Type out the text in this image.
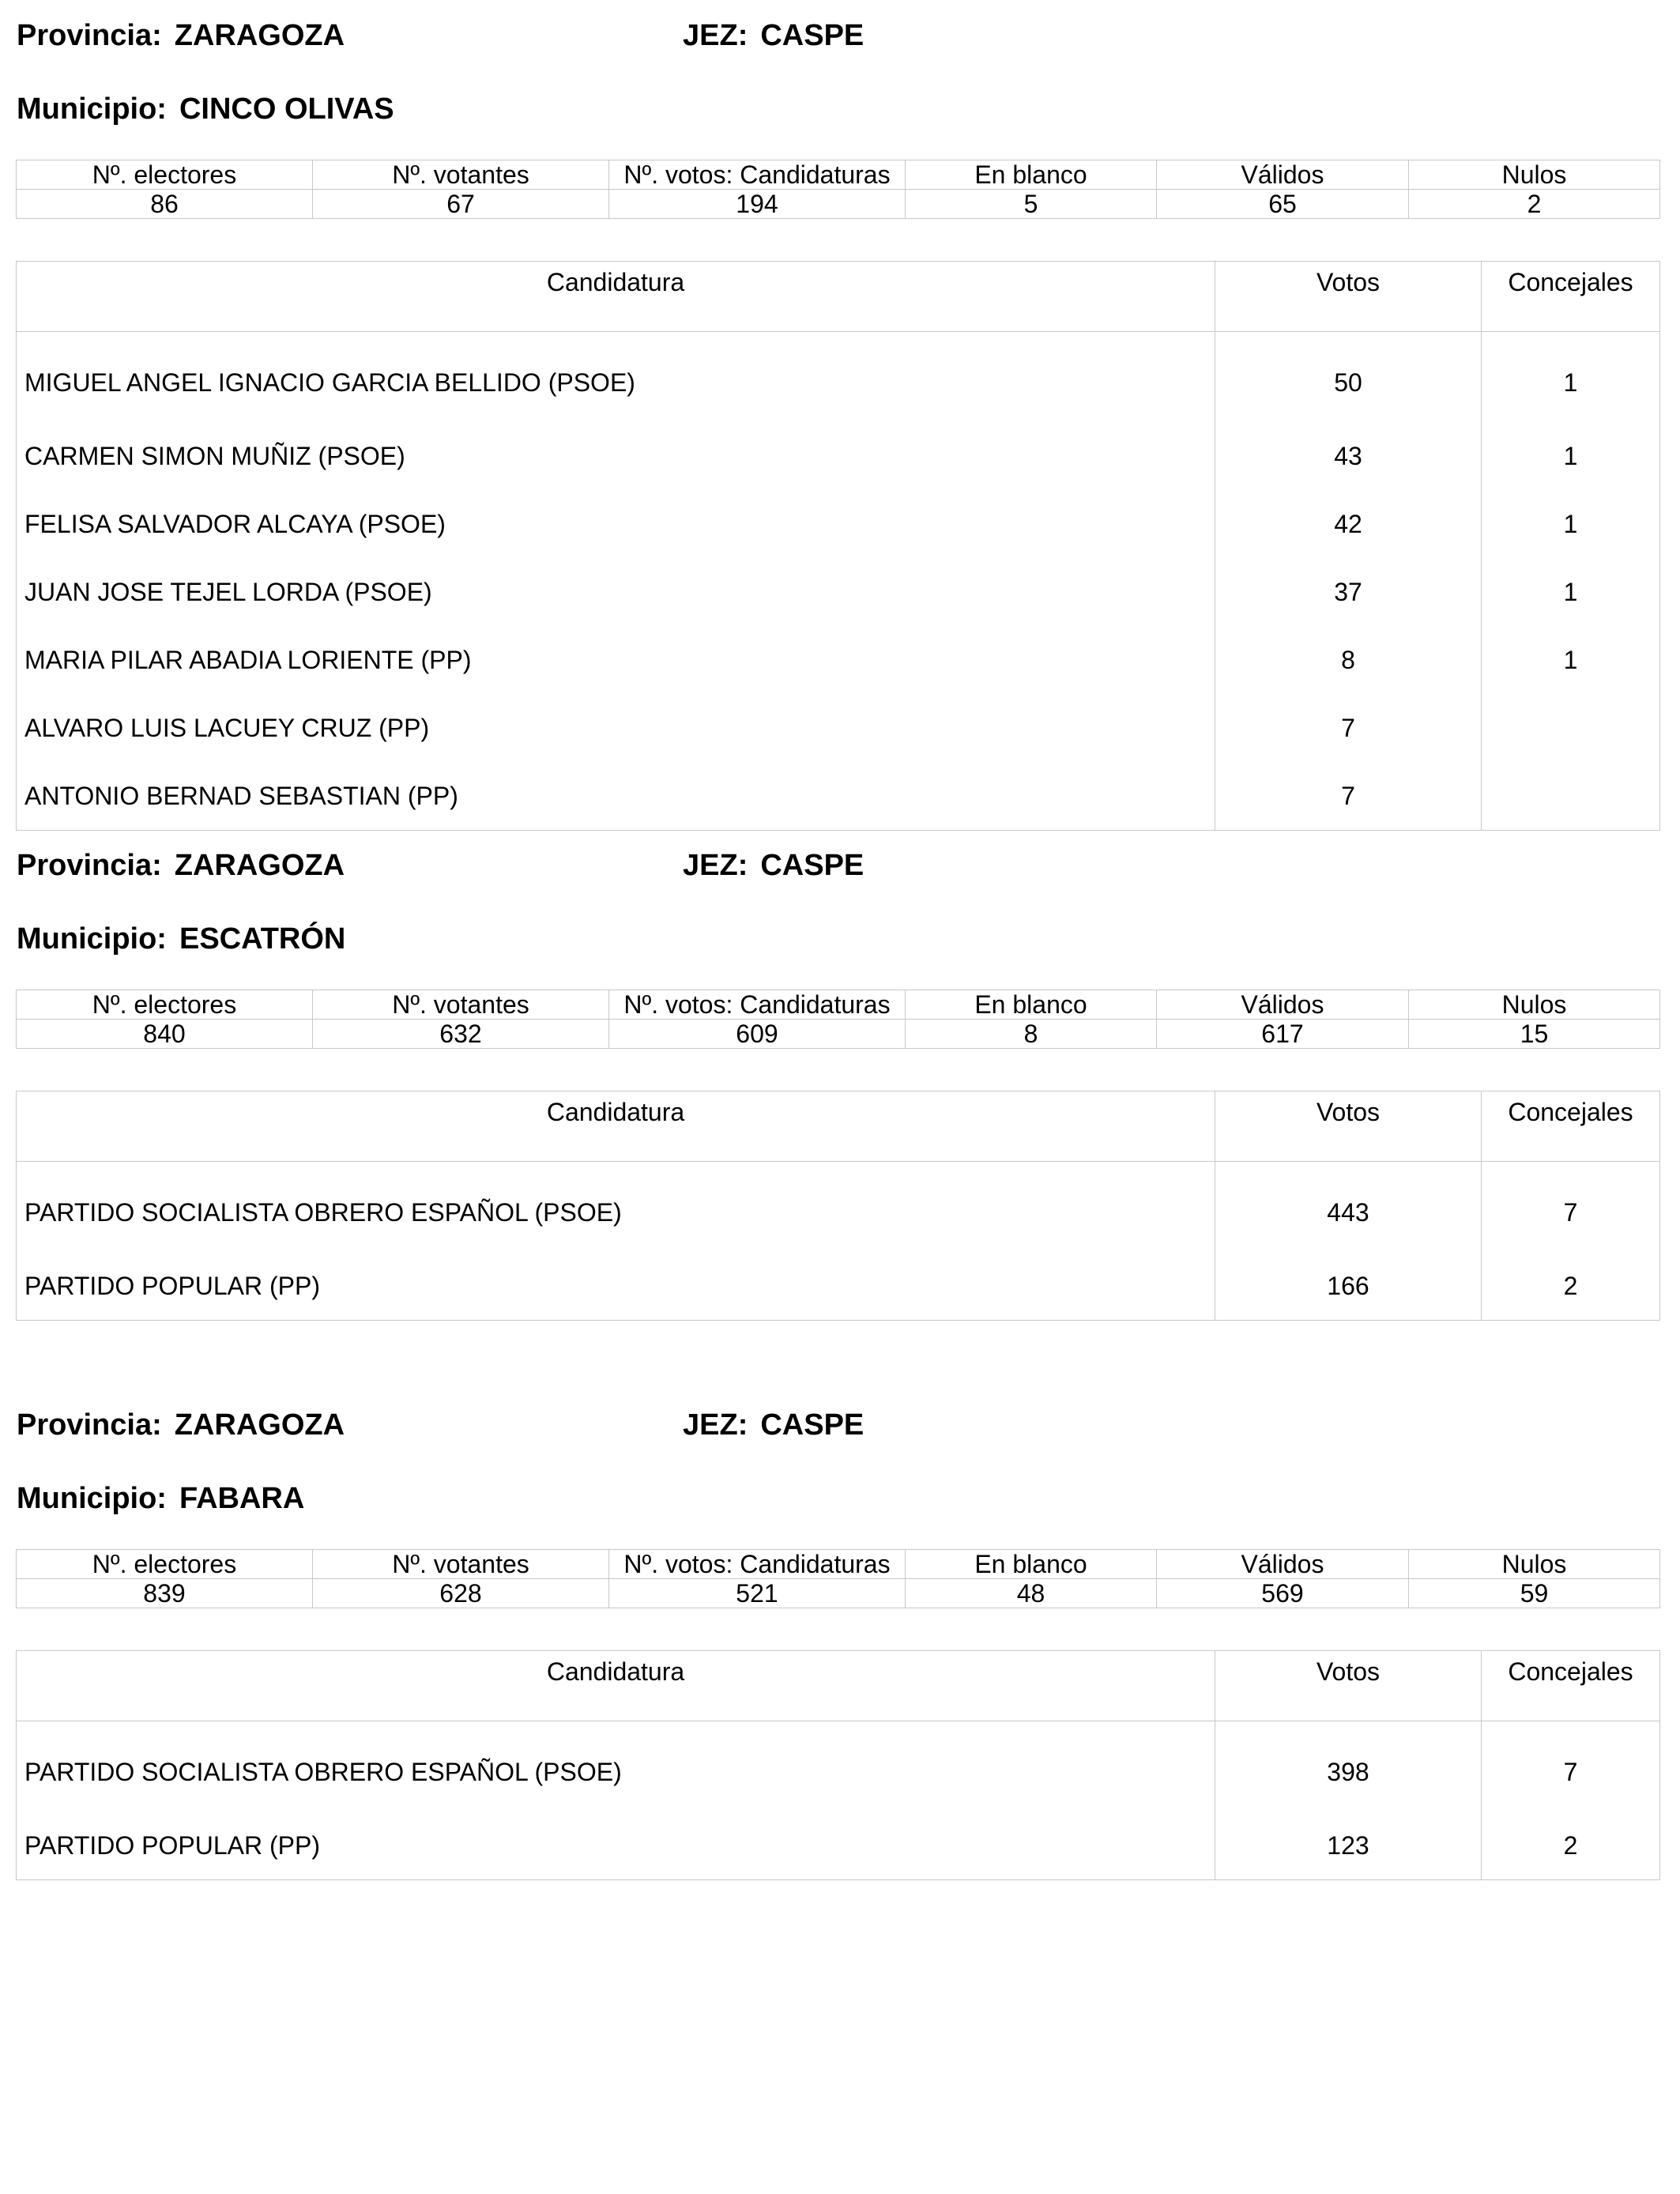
Provincia: ZARAGOZA	JEZ: CASPE
Municipio: CINCO OLIVAS
Nº. electores	Nº. votantes	Nº. votos: Candidaturas	En blanco	Válidos	Nulos
86	67	194	5	65	2
Candidatura	Votos	Concejales
MIGUEL ANGEL IGNACIO GARCIA BELLIDO (PSOE)	50	1
CARMEN SIMON MUÑIZ (PSOE)	43	1
FELISA SALVADOR ALCAYA (PSOE)	42	1
JUAN JOSE TEJEL LORDA (PSOE)	37	1
MARIA PILAR ABADIA LORIENTE (PP)	8	1
ALVARO LUIS LACUEY CRUZ (PP)	7	
ANTONIO BERNAD SEBASTIAN (PP)	7	
Provincia: ZARAGOZA	JEZ: CASPE
Municipio: ESCATRÓN
Nº. electores	Nº. votantes	Nº. votos: Candidaturas	En blanco	Válidos	Nulos
840	632	609	8	617	15
Candidatura	Votos	Concejales
PARTIDO SOCIALISTA OBRERO ESPAÑOL (PSOE)	443	7
PARTIDO POPULAR (PP)	166	2
Provincia: ZARAGOZA	JEZ: CASPE
Municipio: FABARA
Nº. electores	Nº. votantes	Nº. votos: Candidaturas	En blanco	Válidos	Nulos
839	628	521	48	569	59
Candidatura	Votos	Concejales
PARTIDO SOCIALISTA OBRERO ESPAÑOL (PSOE)	398	7
PARTIDO POPULAR (PP)	123	2
